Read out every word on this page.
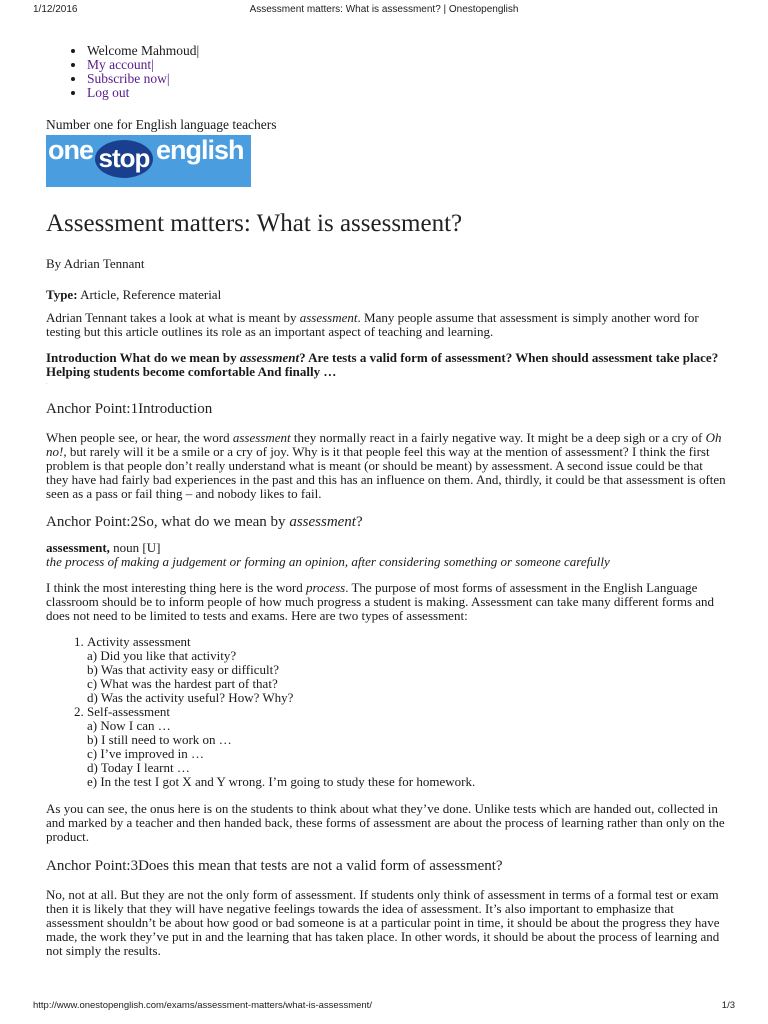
1/12/2016	Assessment matters: What is assessment? | Onestopenglish
• Welcome Mahmoud|
• My account|
• Subscribe now|
• Log out
Number one for English language teachers
one stop english
Assessment matters: What is assessment?
By Adrian Tennant
Type: Article, Reference material

Adrian Tennant takes a look at what is meant by assessment. Many people assume that assessment is simply another word for testing but this article outlines its role as an important aspect of teaching and learning.

Introduction What do we mean by assessment? Are tests a valid form of assessment? When should assessment take place? Helping students become comfortable And finally …

.
Anchor Point:1Introduction

When people see, or hear, the word assessment they normally react in a fairly negative way. It might be a deep sigh or a cry of Oh no!, but rarely will it be a smile or a cry of joy. Why is it that people feel this way at the mention of assessment? I think the first problem is that people don’t really understand what is meant (or should be meant) by assessment. A second issue could be that they have had fairly bad experiences in the past and this has an influence on them. And, thirdly, it could be that assessment is often seen as a pass or fail thing – and nobody likes to fail.

Anchor Point:2So, what do we mean by assessment?
assessment, noun [U]
the process of making a judgement or forming an opinion, after considering something or someone carefully

I think the most interesting thing here is the word process. The purpose of most forms of assessment in the English Language classroom should be to inform people of how much progress a student is making. Assessment can take many different forms and does not need to be limited to tests and exams. Here are two types of assessment:

1. Activity assessment
a) Did you like that activity?
b) Was that activity easy or difficult?
c) What was the hardest part of that?
d) Was the activity useful? How? Why?
2. Self-assessment
a) Now I can …
b) I still need to work on …
c) I’ve improved in …
d) Today I learnt …
e) In the test I got X and Y wrong. I’m going to study these for homework.

As you can see, the onus here is on the students to think about what they’ve done. Unlike tests which are handed out, collected in and marked by a teacher and then handed back, these forms of assessment are about the process of learning rather than only on the product.

Anchor Point:3Does this mean that tests are not a valid form of assessment?

No, not at all. But they are not the only form of assessment. If students only think of assessment in terms of a formal test or exam then it is likely that they will have negative feelings towards the idea of assessment. It’s also important to emphasize that assessment shouldn’t be about how good or bad someone is at a particular point in time, it should be about the progress they have made, the work they’ve put in and the learning that has taken place. In other words, it should be about the process of learning and not simply the results.

http://www.onestopenglish.com/exams/assessment-matters/what-is-assessment/	1/3
